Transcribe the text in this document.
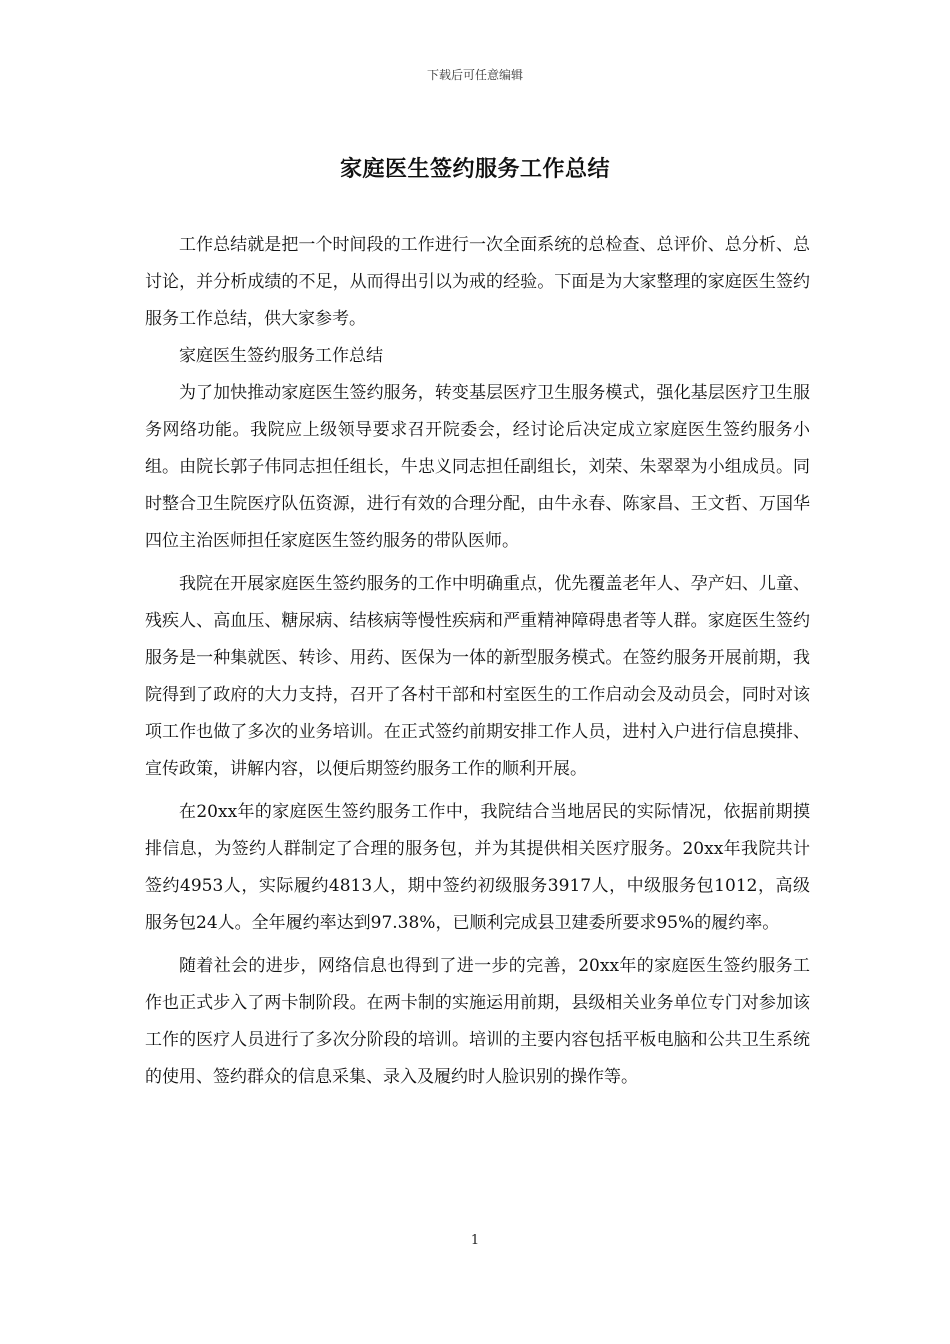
下载后可任意编辑
家庭医生签约服务工作总结

工作总结就是把一个时间段的工作进行一次全面系统的总检查、总评价、总分析、总讨论，并分析成绩的不足，从而得出引以为戒的经验。下面是为大家整理的家庭医生签约服务工作总结，供大家参考。

家庭医生签约服务工作总结

为了加快推动家庭医生签约服务，转变基层医疗卫生服务模式，强化基层医疗卫生服务网络功能。我院应上级领导要求召开院委会，经讨论后决定成立家庭医生签约服务小组。由院长郭子伟同志担任组长，牛忠义同志担任副组长，刘荣、朱翠翠为小组成员。同时整合卫生院医疗队伍资源，进行有效的合理分配，由牛永春、陈家昌、王文哲、万国华四位主治医师担任家庭医生签约服务的带队医师。

我院在开展家庭医生签约服务的工作中明确重点，优先覆盖老年人、孕产妇、儿童、残疾人、高血压、糖尿病、结核病等慢性疾病和严重精神障碍患者等人群。家庭医生签约服务是一种集就医、转诊、用药、医保为一体的新型服务模式。在签约服务开展前期，我院得到了政府的大力支持，召开了各村干部和村室医生的工作启动会及动员会，同时对该项工作也做了多次的业务培训。在正式签约前期安排工作人员，进村入户进行信息摸排、宣传政策，讲解内容，以便后期签约服务工作的顺利开展。

在20xx年的家庭医生签约服务工作中，我院结合当地居民的实际情况，依据前期摸排信息，为签约人群制定了合理的服务包，并为其提供相关医疗服务。20xx年我院共计签约4953人，实际履约4813人，期中签约初级服务3917人，中级服务包1012，高级服务包24人。全年履约率达到97.38%，已顺利完成县卫建委所要求95%的履约率。

随着社会的进步，网络信息也得到了进一步的完善，20xx年的家庭医生签约服务工作也正式步入了两卡制阶段。在两卡制的实施运用前期，县级相关业务单位专门对参加该工作的医疗人员进行了多次分阶段的培训。培训的主要内容包括平板电脑和公共卫生系统的使用、签约群众的信息采集、录入及履约时人脸识别的操作等。

1
